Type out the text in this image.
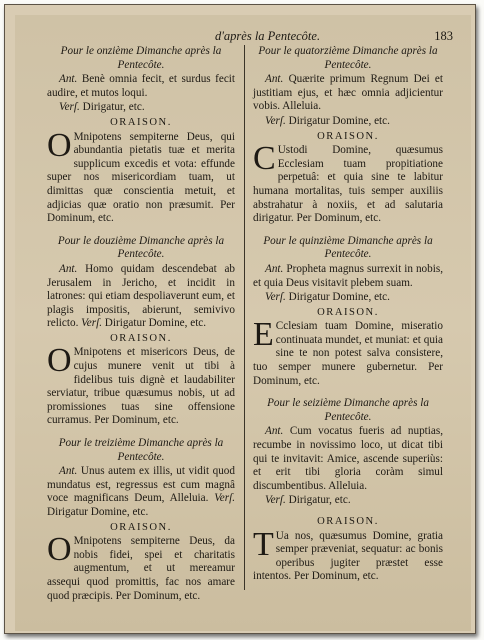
d'après la Pentecôte.	183
Pour le onzième Dimanche après la Pentecôte.

Ant. Benè omnia fecit, et surdus fecit audire, et mutos loqui.

Verſ. Dirigatur, etc.

ORAISON.

O Mnipotens sempiterne Deus, qui abundantia pietatis tuæ et merita supplicum excedis et vota: effunde super nos misericordiam tuam, ut dimittas quæ conscientia metuit, et adjicias quæ oratio non præsumit. Per Dominum, etc.

Pour le douzième Dimanche après la Pentecôte.

Ant. Homo quidam descendebat ab Jerusalem in Jericho, et incidit in latrones: qui etiam despoliaverunt eum, et plagis impositis, abierunt, semivivo relicto. Verſ. Dirigatur Domine, etc.

ORAISON.

O Mnipotens et misericors Deus, de cujus munere venit ut tibi à fidelibus tuis dignè et laudabiliter serviatur, tribue quæsumus nobis, ut ad promissiones tuas sine offensione curramus. Per Dominum, etc.

Pour le treizième Dimanche après la Pentecôte.

Ant. Unus autem ex illis, ut vidit quod mundatus est, regressus est cum magnâ voce magnificans Deum, Alleluia. Verſ. Dirigatur Domine, etc.

ORAISON.

O Mnipotens sempiterne Deus, da nobis fidei, spei et charitatis augmentum, et ut mereamur assequi quod promittis, fac nos amare quod præcipis. Per Dominum, etc.

Pour le quatorzième Dimanche après la Pentecôte.

Ant. Quærite primum Regnum Dei et justitiam ejus, et hæc omnia adjicientur vobis. Alleluia.

Verſ. Dirigatur Domine, etc.

ORAISON.

C Ustodi Domine, quæsumus Ecclesiam tuam propitiatione perpetuâ: et quia sine te labitur humana mortalitas, tuis semper auxiliis abstrahatur à noxiis, et ad salutaria dirigatur. Per Dominum, etc.

Pour le quinzième Dimanche après la Pentecôte.

Ant. Propheta magnus surrexit in nobis, et quia Deus visitavit plebem suam.

Verſ. Dirigatur Domine, etc.

ORAISON.

E Cclesiam tuam Domine, miseratio continuata mundet, et muniat: et quia sine te non potest salva consistere, tuo semper munere gubernetur. Per Dominum, etc.

Pour le seizième Dimanche après la Pentecôte.

Ant. Cum vocatus fueris ad nuptias, recumbe in novissimo loco, ut dicat tibi qui te invitavit: Amice, ascende superiùs: et erit tibi gloria coràm simul discumbentibus. Alleluia.

Verſ. Dirigatur, etc.

ORAISON.

T Ua nos, quæsumus Domine, gratia semper præveniat, sequatur: ac bonis operibus jugiter præstet esse intentos. Per Dominum, etc.
